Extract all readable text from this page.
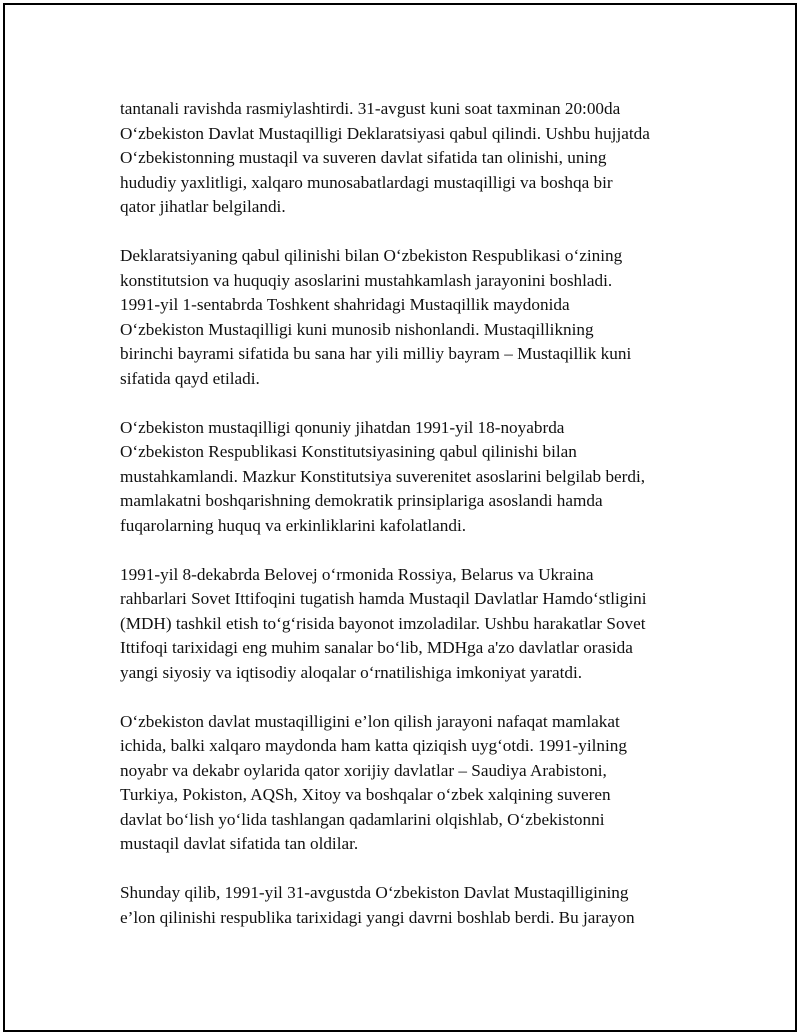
tantanali ravishda rasmiylashtirdi. 31-avgust kuni soat taxminan 20:00da
O‘zbekiston Davlat Mustaqilligi Deklaratsiyasi qabul qilindi. Ushbu hujjatda
O‘zbekistonning mustaqil va suveren davlat sifatida tan olinishi, uning
hududiy yaxlitligi, xalqaro munosabatlardagi mustaqilligi va boshqa bir
qator jihatlar belgilandi.

Deklaratsiyaning qabul qilinishi bilan O‘zbekiston Respublikasi o‘zining
konstitutsion va huquqiy asoslarini mustahkamlash jarayonini boshladi.
1991-yil 1-sentabrda Toshkent shahridagi Mustaqillik maydonida
O‘zbekiston Mustaqilligi kuni munosib nishonlandi. Mustaqillikning
birinchi bayrami sifatida bu sana har yili milliy bayram – Mustaqillik kuni
sifatida qayd etiladi.

O‘zbekiston mustaqilligi qonuniy jihatdan 1991-yil 18-noyabrda
O‘zbekiston Respublikasi Konstitutsiyasining qabul qilinishi bilan
mustahkamlandi. Mazkur Konstitutsiya suverenitet asoslarini belgilab berdi,
mamlakatni boshqarishning demokratik prinsiplariga asoslandi hamda
fuqarolarning huquq va erkinliklarini kafolatlandi.

1991-yil 8-dekabrda Belovej o‘rmonida Rossiya, Belarus va Ukraina
rahbarlari Sovet Ittifoqini tugatish hamda Mustaqil Davlatlar Hamdo‘stligini
(MDH) tashkil etish to‘g‘risida bayonot imzoladilar. Ushbu harakatlar Sovet
Ittifoqi tarixidagi eng muhim sanalar bo‘lib, MDHga a'zo davlatlar orasida
yangi siyosiy va iqtisodiy aloqalar o‘rnatilishiga imkoniyat yaratdi.

O‘zbekiston davlat mustaqilligini e’lon qilish jarayoni nafaqat mamlakat
ichida, balki xalqaro maydonda ham katta qiziqish uyg‘otdi. 1991-yilning
noyabr va dekabr oylarida qator xorijiy davlatlar – Saudiya Arabistoni,
Turkiya, Pokiston, AQSh, Xitoy va boshqalar o‘zbek xalqining suveren
davlat bo‘lish yo‘lida tashlangan qadamlarini olqishlab, O‘zbekistonni
mustaqil davlat sifatida tan oldilar.

Shunday qilib, 1991-yil 31-avgustda O‘zbekiston Davlat Mustaqilligining
e’lon qilinishi respublika tarixidagi yangi davrni boshlab berdi. Bu jarayon
